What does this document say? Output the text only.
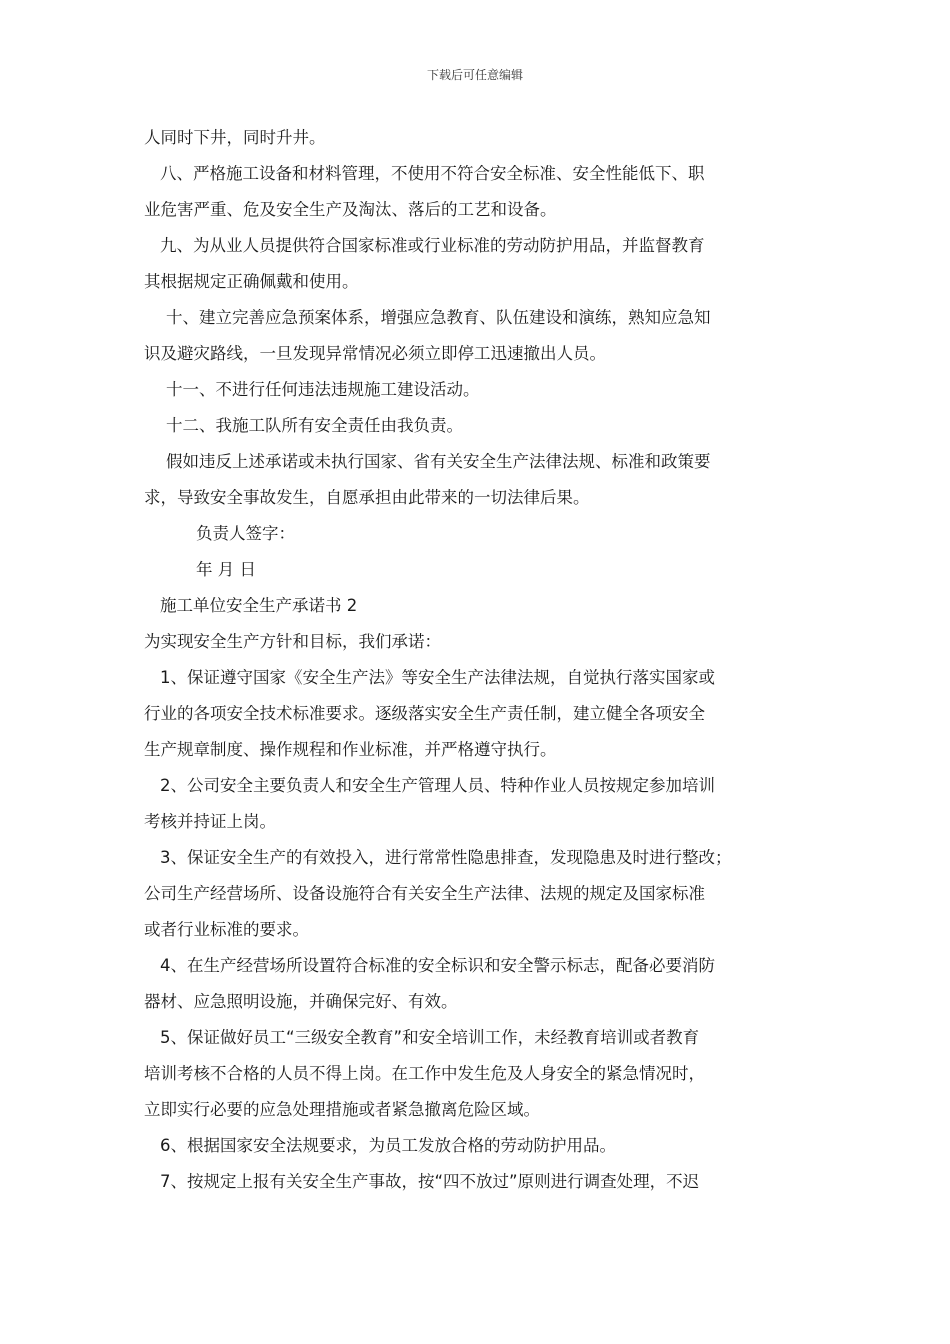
下载后可任意编辑

人同时下井，同时升井。

八、严格施工设备和材料管理，不使用不符合安全标准、安全性能低下、职

业危害严重、危及安全生产及淘汰、落后的工艺和设备。

九、为从业人员提供符合国家标准或行业标准的劳动防护用品，并监督教育

其根据规定正确佩戴和使用。

十、建立完善应急预案体系，增强应急教育、队伍建设和演练，熟知应急知

识及避灾路线，一旦发现异常情况必须立即停工迅速撤出人员。

十一、不进行任何违法违规施工建设活动。

十二、我施工队所有安全责任由我负责。

假如违反上述承诺或未执行国家、省有关安全生产法律法规、标准和政策要

求，导致安全事故发生，自愿承担由此带来的一切法律后果。

负责人签字：

年 月 日

施工单位安全生产承诺书 2

为实现安全生产方针和目标，我们承诺：

1、保证遵守国家《安全生产法》等安全生产法律法规，自觉执行落实国家或

行业的各项安全技术标准要求。逐级落实安全生产责任制，建立健全各项安全

生产规章制度、操作规程和作业标准，并严格遵守执行。

2、公司安全主要负责人和安全生产管理人员、特种作业人员按规定参加培训

考核并持证上岗。

3、保证安全生产的有效投入，进行常常性隐患排查，发现隐患及时进行整改；

公司生产经营场所、设备设施符合有关安全生产法律、法规的规定及国家标准

或者行业标准的要求。

4、在生产经营场所设置符合标准的安全标识和安全警示标志，配备必要消防

器材、应急照明设施，并确保完好、有效。

5、保证做好员工“三级安全教育”和安全培训工作，未经教育培训或者教育

培训考核不合格的人员不得上岗。在工作中发生危及人身安全的紧急情况时，

立即实行必要的应急处理措施或者紧急撤离危险区域。

6、根据国家安全法规要求，为员工发放合格的劳动防护用品。

7、按规定上报有关安全生产事故，按“四不放过”原则进行调查处理，不迟
